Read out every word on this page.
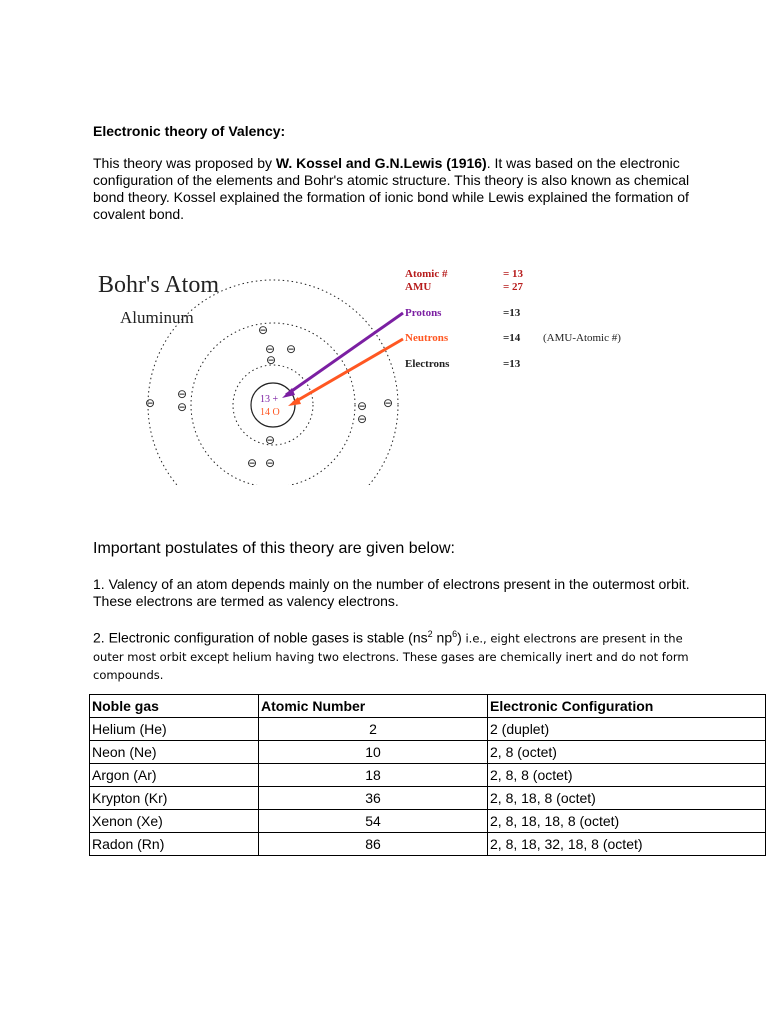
Electronic theory of Valency:

This theory was proposed by W. Kossel and G.N.Lewis (1916). It was based on the electronic configuration of the elements and Bohr's atomic structure. This theory is also known as chemical bond theory. Kossel explained the formation of ionic bond while Lewis explained the formation of covalent bond.

Bohr's Atom
Aluminum
13 +
14 O
⊖
⊖ ⊖
⊖
⊖
⊖
⊖	⊖
⊖
⊖
⊖
⊖ ⊖
Atomic #	= 13
AMU	= 27
Protons	=13
Neutrons	=14
Electrons	=13
(AMU-Atomic #)
Important postulates of this theory are given below:

1. Valency of an atom depends mainly on the number of electrons present in the outermost orbit. These electrons are termed as valency electrons.

2. Electronic configuration of noble gases is stable ($ns^2$ $np^6$) i.e., eight electrons are present in the outer most orbit except helium having two electrons. These gases are chemically inert and do not form compounds.

Noble gas	Atomic Number	Electronic Configuration
Helium (He)	2	2 (duplet)
Neon (Ne)	10	2, 8 (octet)
Argon (Ar)	18	2, 8, 8 (octet)
Krypton (Kr)	36	2, 8, 18, 8 (octet)
Xenon (Xe)	54	2, 8, 18, 18, 8 (octet)
Radon (Rn)	86	2, 8, 18, 32, 18, 8 (octet)
